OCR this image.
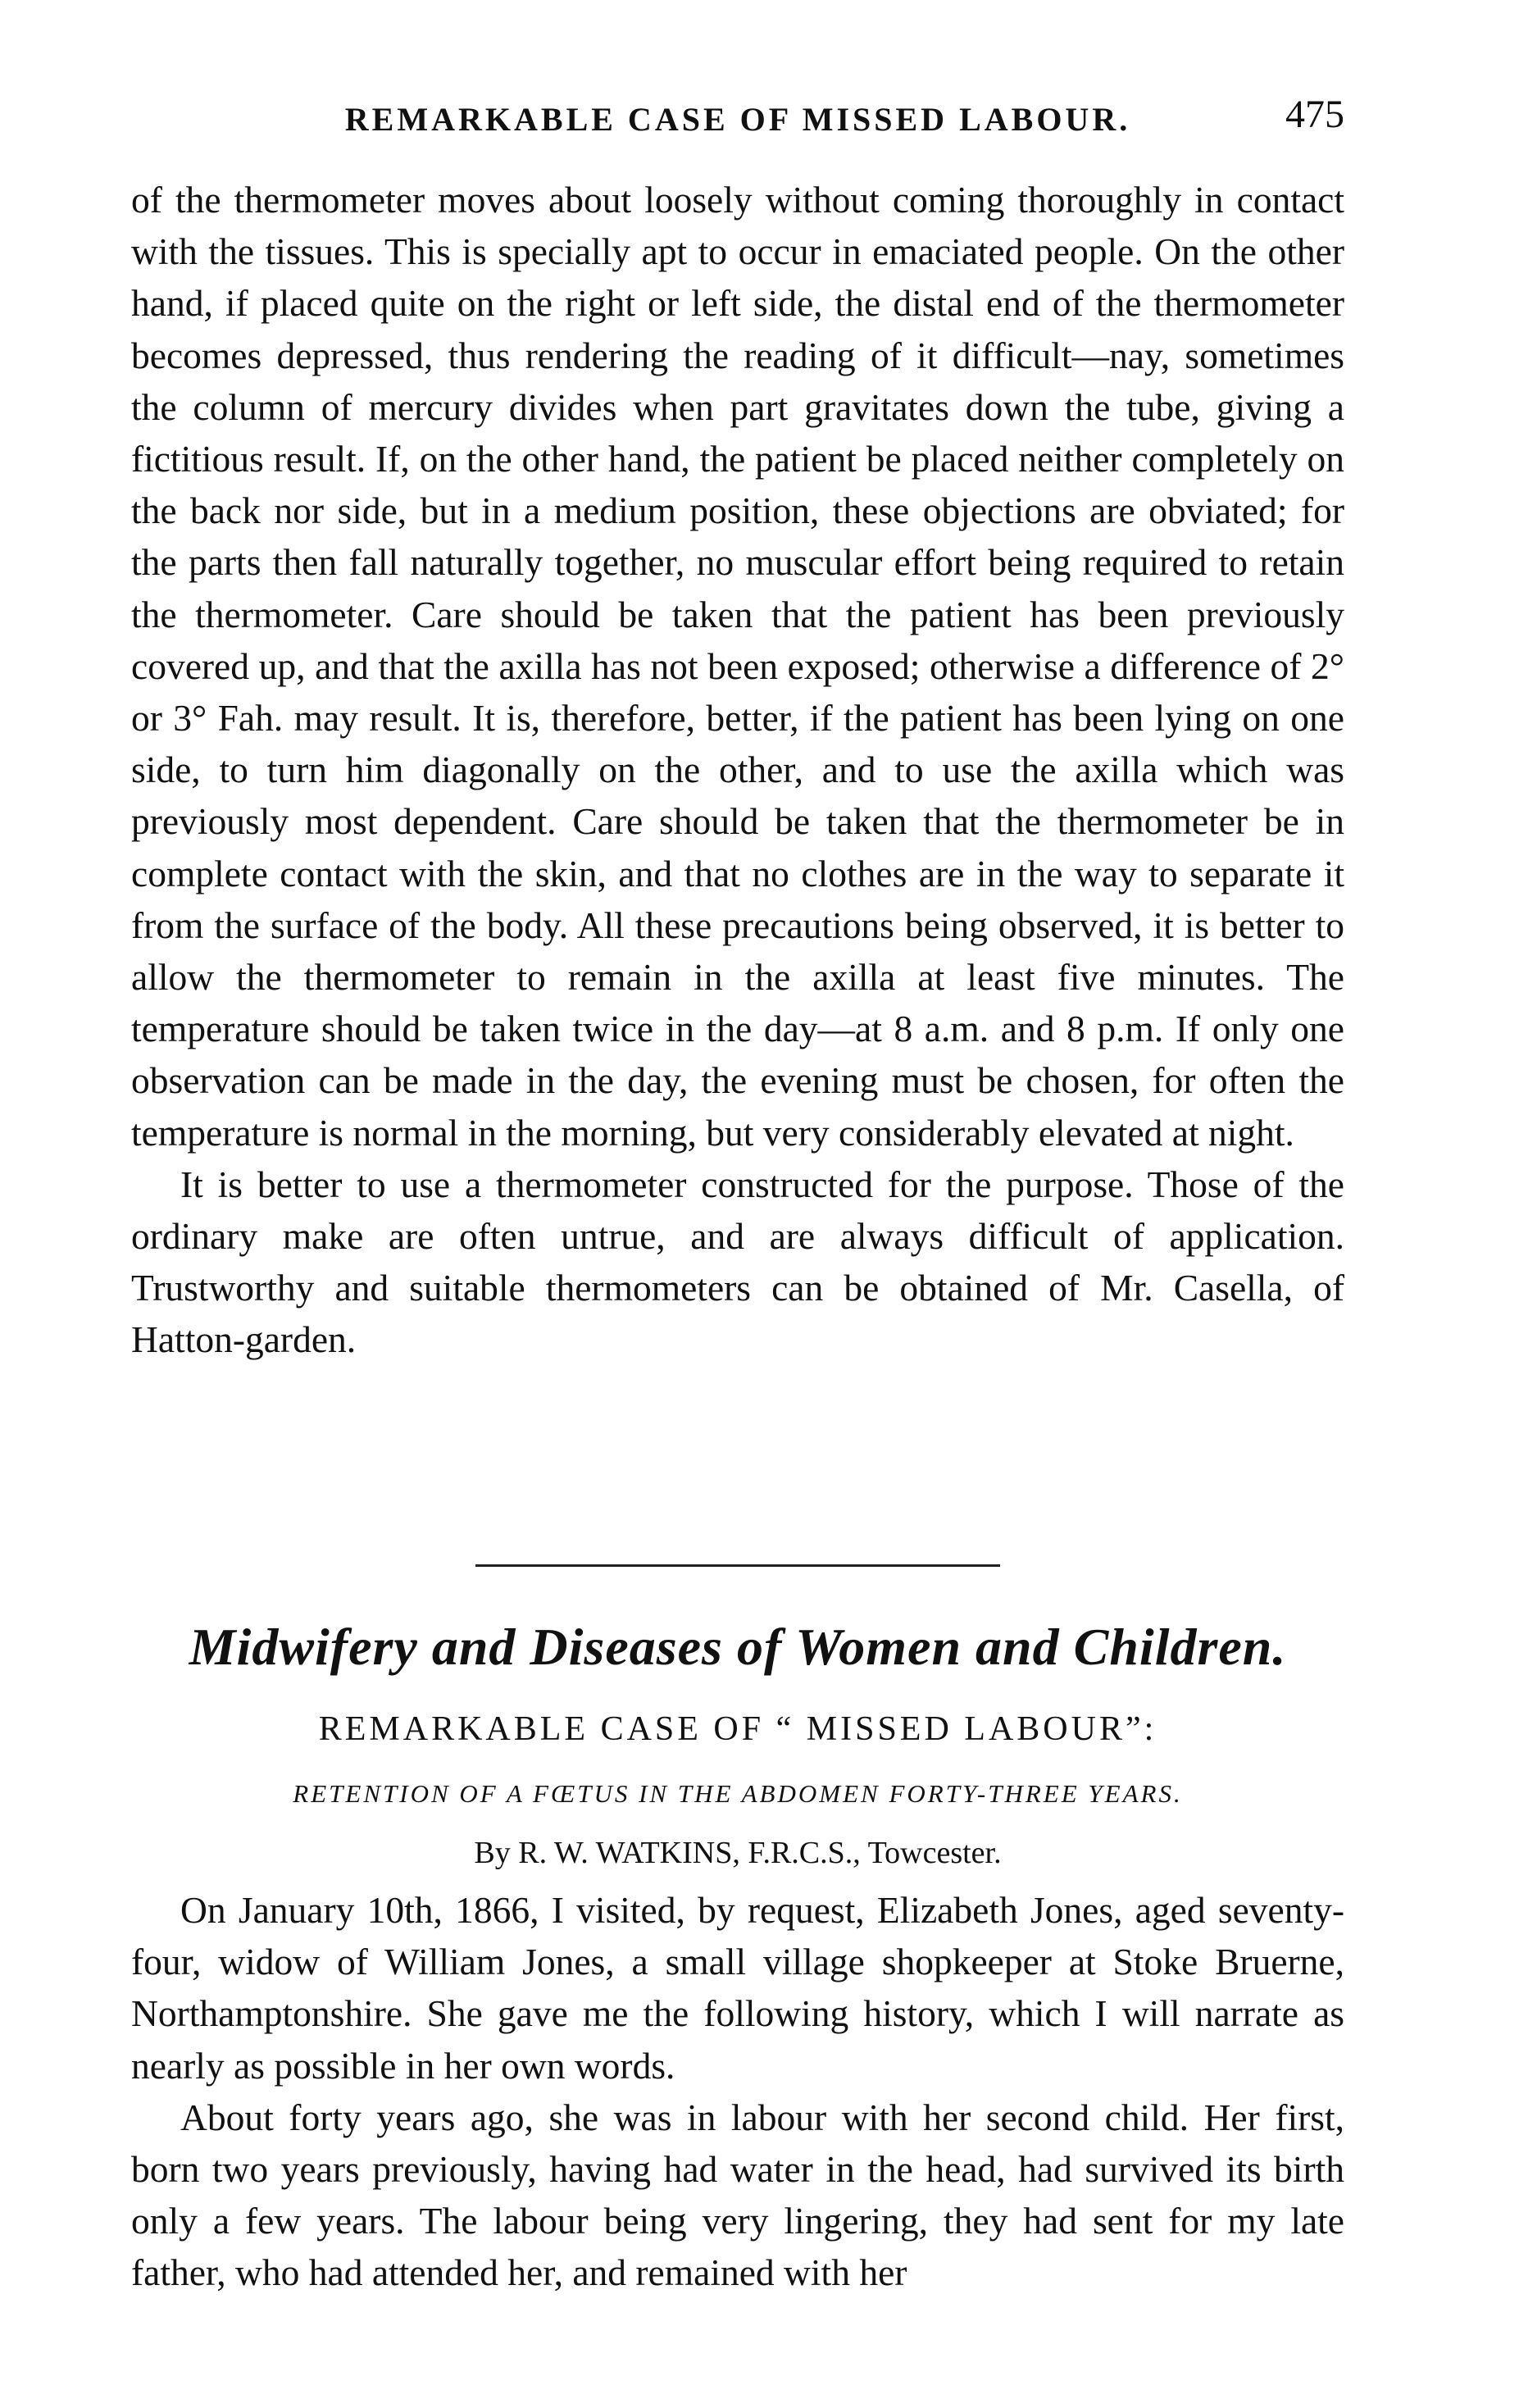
REMARKABLE CASE OF MISSED LABOUR.	475

of the thermometer moves about loosely without coming thoroughly in contact with the tissues. This is specially apt to occur in emaciated people. On the other hand, if placed quite on the right or left side, the distal end of the thermometer becomes depressed, thus rendering the reading of it difficult—nay, sometimes the column of mercury divides when part gravitates down the tube, giving a fictitious result. If, on the other hand, the patient be placed neither completely on the back nor side, but in a medium position, these objections are obviated; for the parts then fall naturally together, no muscular effort being required to retain the thermometer. Care should be taken that the patient has been previously covered up, and that the axilla has not been exposed; otherwise a difference of 2° or 3° Fah. may result. It is, therefore, better, if the patient has been lying on one side, to turn him diagonally on the other, and to use the axilla which was previously most dependent. Care should be taken that the thermometer be in complete contact with the skin, and that no clothes are in the way to separate it from the surface of the body. All these precautions being observed, it is better to allow the thermometer to remain in the axilla at least five minutes. The temperature should be taken twice in the day—at 8 a.m. and 8 p.m. If only one observation can be made in the day, the evening must be chosen, for often the temperature is normal in the morning, but very considerably elevated at night.

It is better to use a thermometer constructed for the purpose. Those of the ordinary make are often untrue, and are always difficult of application. Trustworthy and suitable thermometers can be obtained of Mr. Casella, of Hatton-garden.

Midwifery and Diseases of Women and Children.
REMARKABLE CASE OF “ MISSED LABOUR”:
RETENTION OF A FŒTUS IN THE ABDOMEN FORTY-THREE YEARS.
By R. W. WATKINS, F.R.C.S., Towcester.

On January 10th, 1866, I visited, by request, Elizabeth Jones, aged seventy-four, widow of William Jones, a small village shopkeeper at Stoke Bruerne, Northamptonshire. She gave me the following history, which I will narrate as nearly as possible in her own words.

About forty years ago, she was in labour with her second child. Her first, born two years previously, having had water in the head, had survived its birth only a few years. The labour being very lingering, they had sent for my late father, who had attended her, and remained with her
